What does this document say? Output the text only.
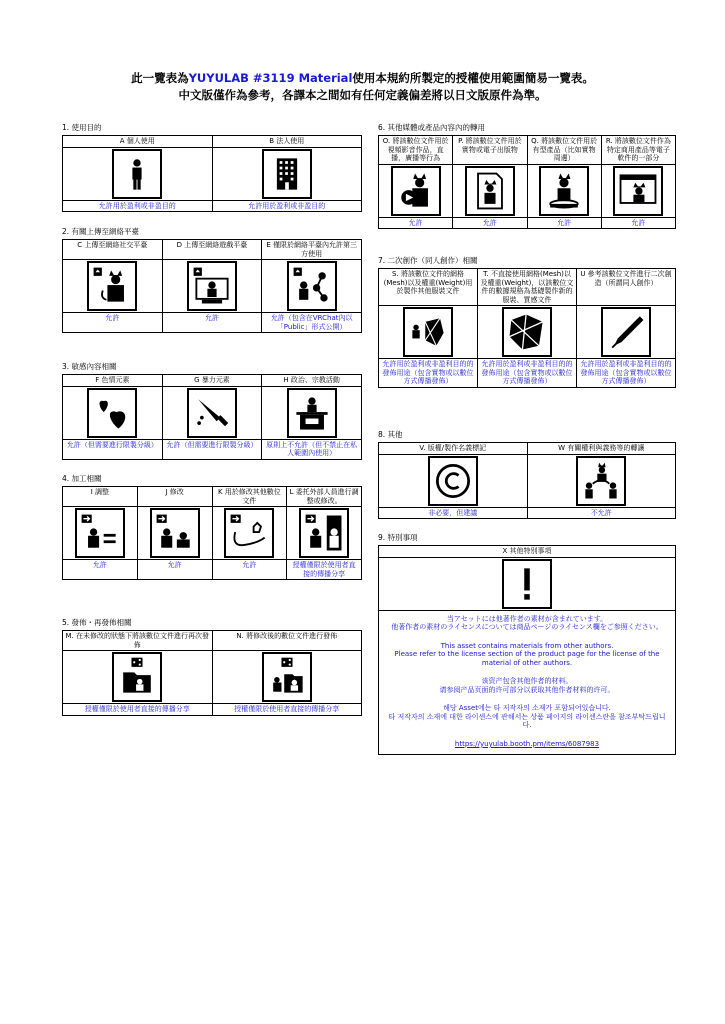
此一覽表為YUYULAB #3119 Material使用本規約所製定的授權使用範圍簡易一覽表。
中文版僅作為參考，各譯本之間如有任何定義偏差將以日文版原件為準。
1. 使用目的
A 個人使用	B 法人使用

允許用於盈利或非盈目的	允許用於盈利或非盈目的
2. 有關上傳至網絡平臺
C 上傳至網絡社交平臺	D 上傳至網絡遊戲平臺	E 僅限於網絡平臺內允許第三方使用

允許	允許	允許（包含在VRChat內以「Public」形式公開）
3. 敏感內容相關
F 色情元素	G 暴力元素	H 政治、宗教活動

允許（但需要進行限製分級）	允許（但需要進行限製分級）	原則上不允許（但不禁止在私人範圍內使用）
4. 加工相關
I 調整	J 修改	K 用於修改其他數位文件	L 委托外部人員進行調整或修改。

允許	允許	允許	授權僅限於使用者直接的傳播分享
5. 發佈・再發佈相關
M. 在未修改的狀態下將該數位文件進行再次發佈	N. 將修改後的數位文件進行發佈

授權僅限於使用者直接的傳播分享	授權僅限於使用者直接的傳播分享
6. 其他媒體或產品內容內的轉用
O. 將該數位文件用於視頻影音作品，直播，廣播等行為	P. 將該數位文件用於實物或電子出版物	Q. 將該數位文件用於有型產品（比如實物周邊）	R. 將該數位文件作為特定商用產品等電子軟件的一部分

允許	允許	允許	允許
7. 二次創作（同人創作）相關
S. 將該數位文件的網格(Mesh)以及權重(Weight)用於製作其他服裝文件	T. 不直接使用網格(Mesh)以及權重(Weight)，以該數位文件的數據規格為基礎製作新的服裝、質感文件	U 參考該數位文件進行二次創造（所謂同人創作）

允許用於盈利或非盈利目的的發佈用途（包含實物或以數位方式傳播發佈）	允許用於盈利或非盈利目的的發佈用途（包含實物或以數位方式傳播發佈）	允許用於盈利或非盈利目的的發佈用途（包含實物或以數位方式傳播發佈）
8. 其他
V. 版權/製作名義標記	W 有關權利與義務等的轉讓

非必要，但建議	不允許
9. 特別事項
X 其他特別事項

当アセットには他著作者の素材が含まれています。
他著作者の素材のライセンスについては商品ページのライセンス欄をご参照ください。

This asset contains materials from other authors.
Please refer to the license section of the product page for the license of the material of other authors.

该资产包含其他作者的材料。
请参阅产品页面的许可部分以获取其他作者材料的许可。

해당 Asset에는 타 저작자의 소재가 포함되어있습니다.
타 저작자의 소재에 대한 라이센스에 관해서는 상품 페이지의 라이센스란을 참조부탁드립니다.

https://yuyulab.booth.pm/items/6087983
